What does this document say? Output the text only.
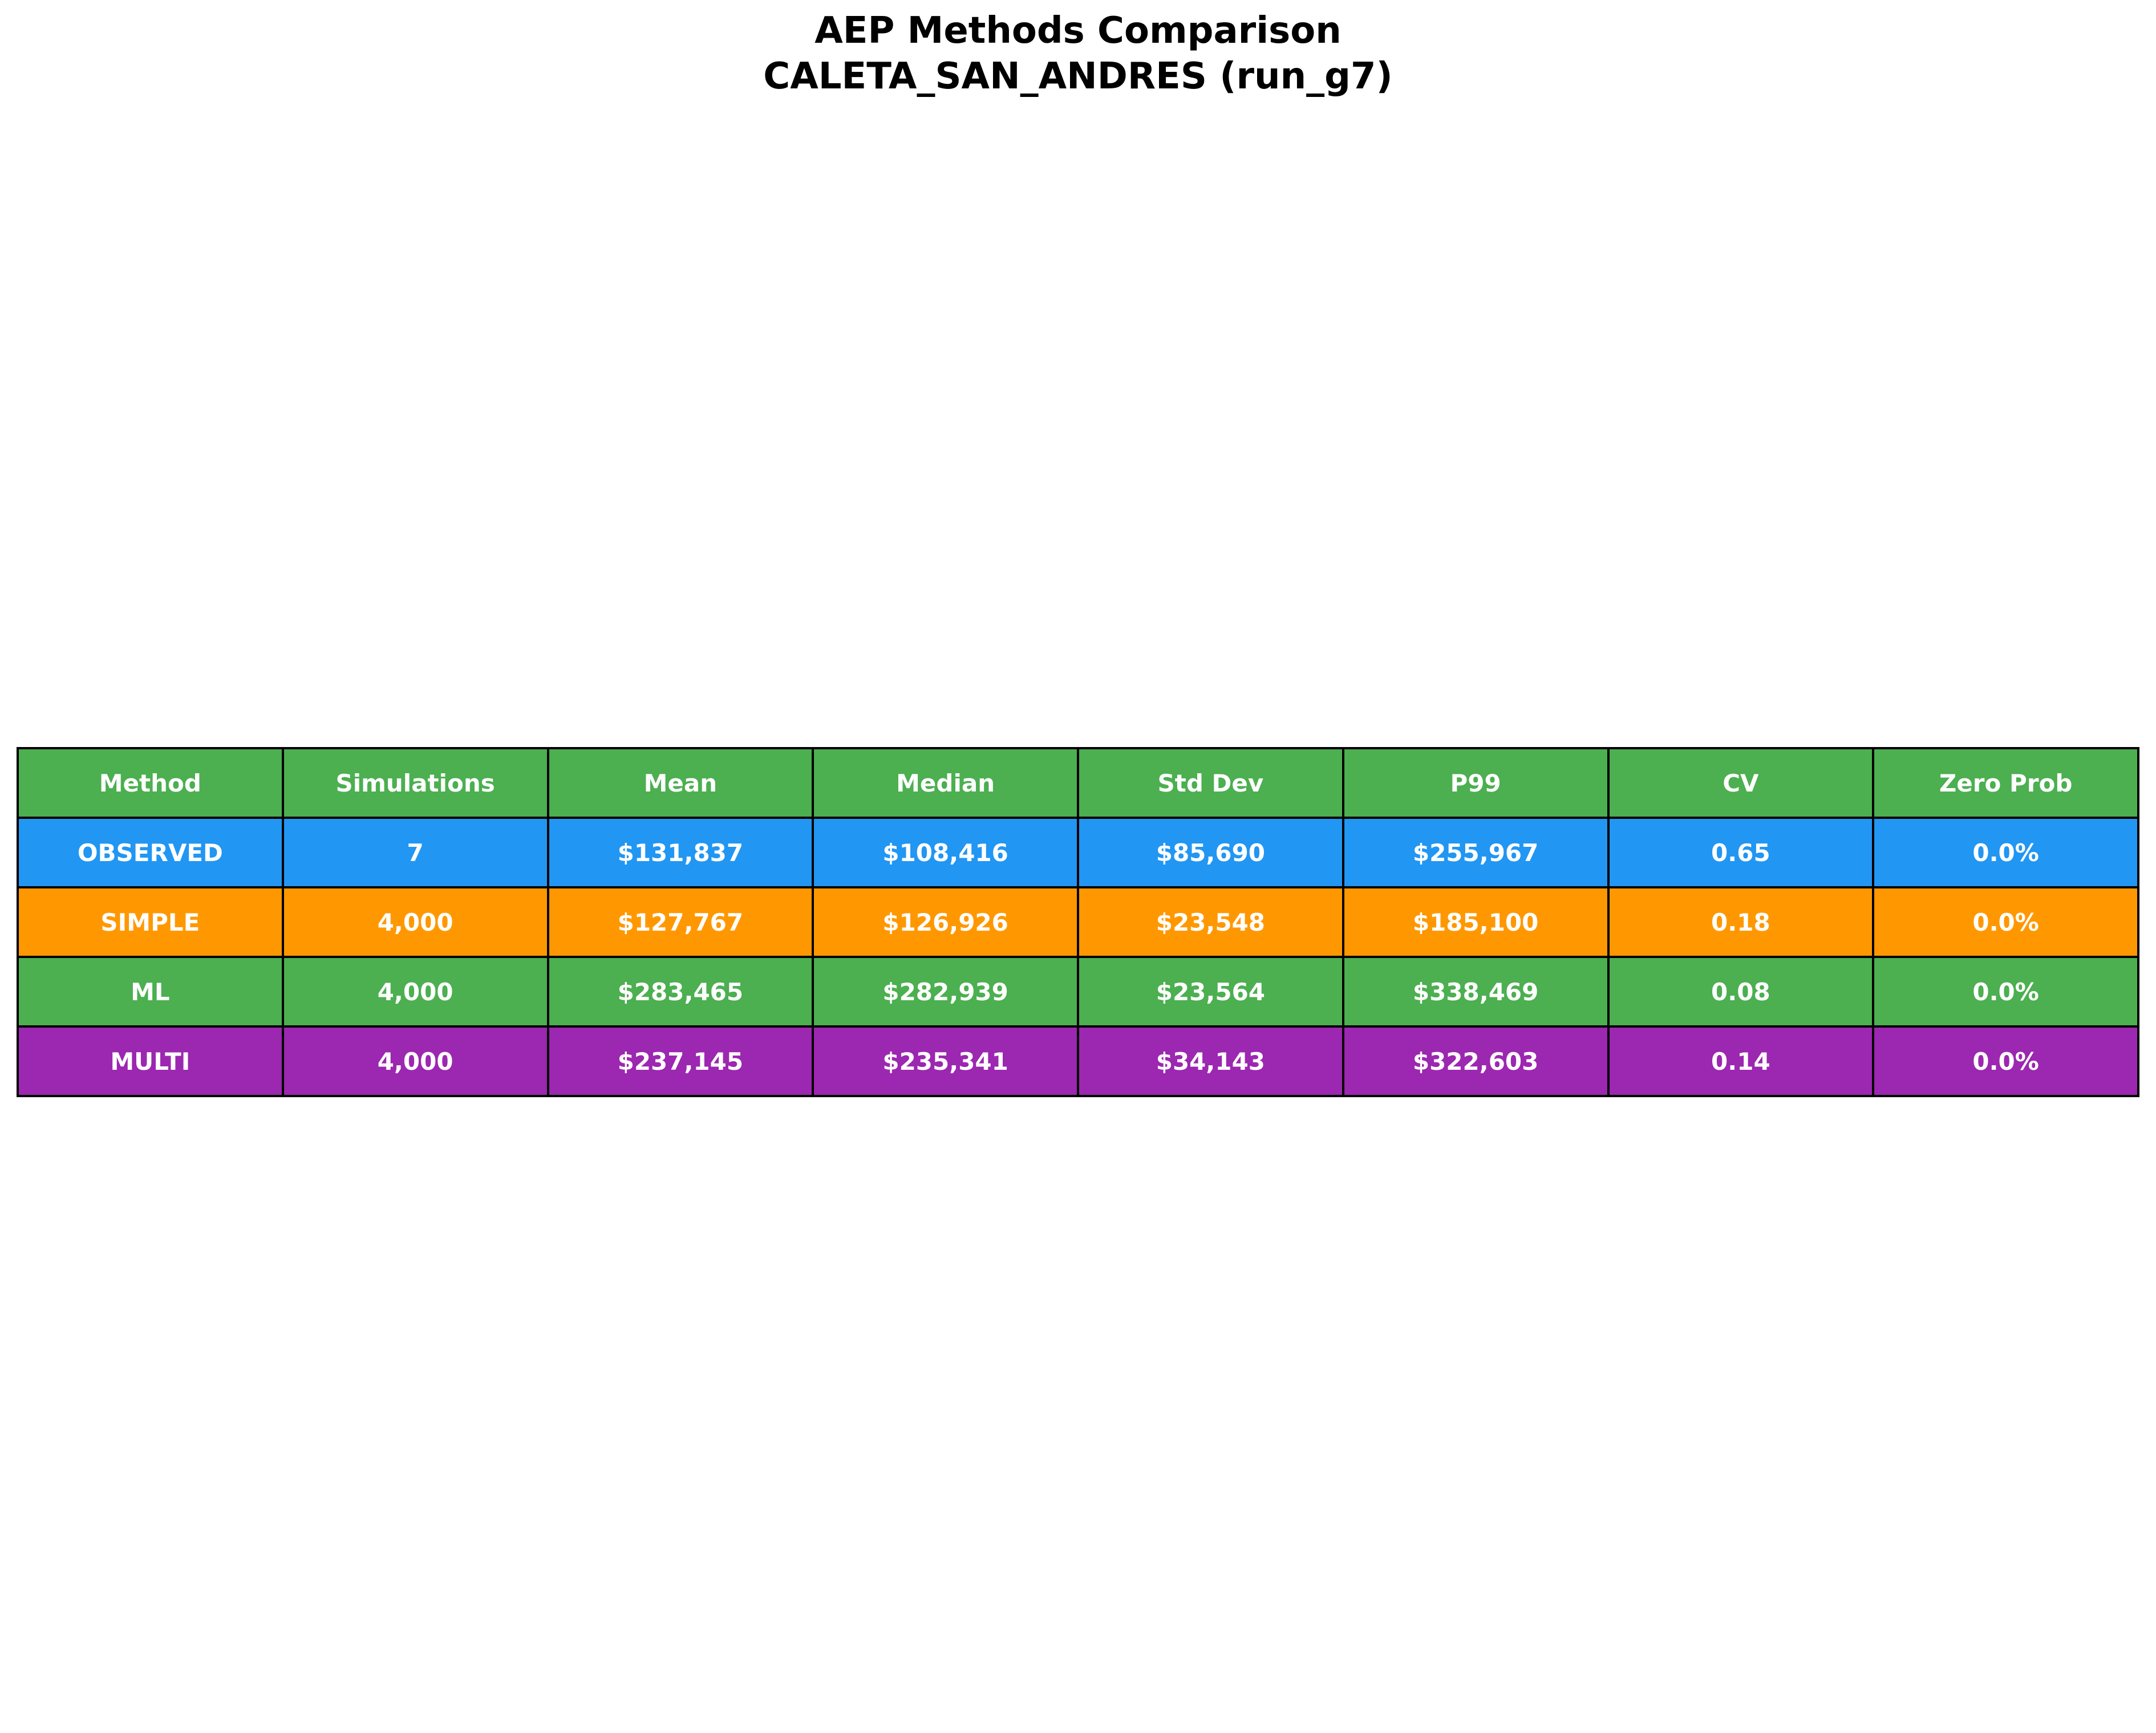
AEP Methods Comparison
CALETA_SAN_ANDRES (run_g7)
Method	Simulations	Mean	Median	Std Dev	P99	CV	Zero Prob
OBSERVED	7	$131,837	$108,416	$85,690	$255,967	0.65	0.0%
SIMPLE	4,000	$127,767	$126,926	$23,548	$185,100	0.18	0.0%
ML	4,000	$283,465	$282,939	$23,564	$338,469	0.08	0.0%
MULTI	4,000	$237,145	$235,341	$34,143	$322,603	0.14	0.0%
